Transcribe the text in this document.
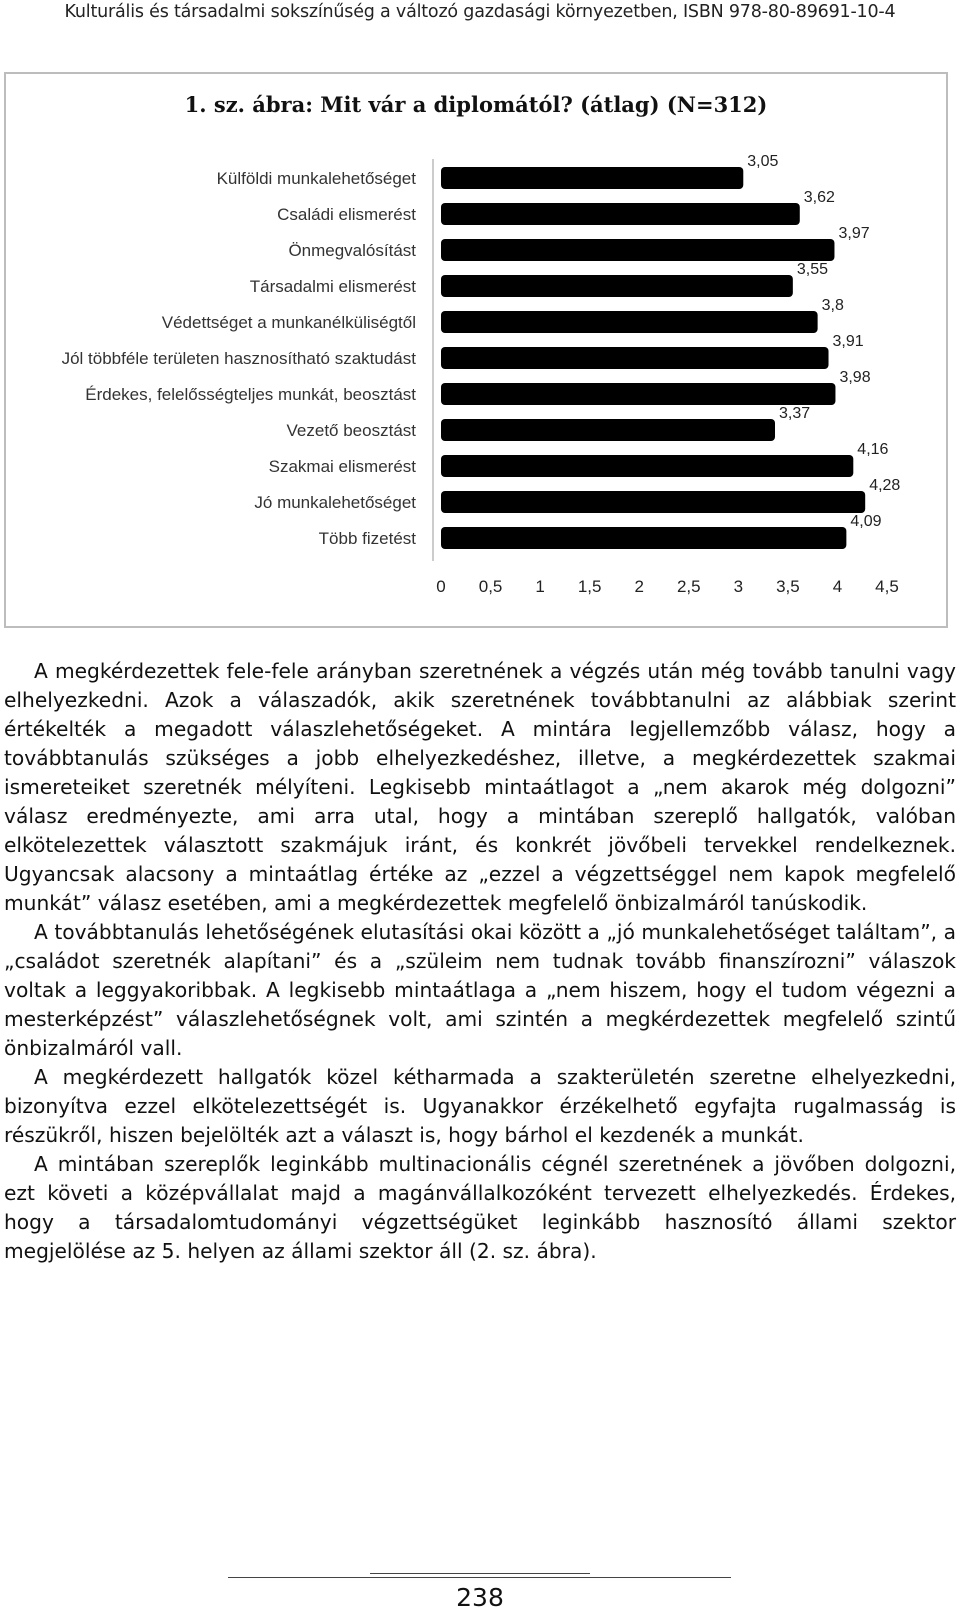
Kulturális és társadalmi sokszínűség a változó gazdasági környezetben, ISBN 978-80-89691-10-4
1. sz. ábra: Mit vár a diplomától? (átlag) (N=312)
Külföldi munkalehetőséget
3,05
Családi elismerést
3,62
Önmegvalósítást
3,97
Társadalmi elismerést
3,55
Védettséget a munkanélküliségtől
3,8
Jól többféle területen hasznosítható szaktudást
3,91
Érdekes, felelősségteljes munkát, beosztást
3,98
Vezető beosztást
3,37
Szakmai elismerést
4,16
Jó munkalehetőséget
4,28
Több fizetést
4,09
0 0,5 1 1,5 2 2,5 3 3,5 4 4,5

A megkérdezettek fele-fele arányban szeretnének a végzés után még tovább tanulni vagy elhelyezkedni. Azok a válaszadók, akik szeretnének továbbtanulni az alábbiak szerint értékelték a megadott válaszlehetőségeket. A mintára legjellemzőbb válasz, hogy a továbbtanulás szükséges a jobb elhelyezkedéshez, illetve, a megkérdezettek szakmai ismereteiket szeretnék mélyíteni. Legkisebb mintaátlagot a „nem akarok még dolgozni” válasz eredményezte, ami arra utal, hogy a mintában szereplő hallgatók, valóban elkötelezettek választott szakmájuk iránt, és konkrét jövőbeli tervekkel rendelkeznek. Ugyancsak alacsony a mintaátlag értéke az „ezzel a végzettséggel nem kapok megfelelő munkát” válasz esetében, ami a megkérdezettek megfelelő önbizalmáról tanúskodik.

A továbbtanulás lehetőségének elutasítási okai között a „jó munkalehetőséget találtam”, a „családot szeretnék alapítani” és a „szüleim nem tudnak tovább finanszírozni” válaszok voltak a leggyakoribbak. A legkisebb mintaátlaga a „nem hiszem, hogy el tudom végezni a mesterképzést” válaszlehetőségnek volt, ami szintén a megkérdezettek megfelelő szintű önbizalmáról vall.

A megkérdezett hallgatók közel kétharmada a szakterületén szeretne elhelyezkedni, bizonyítva ezzel elkötelezettségét is. Ugyanakkor érzékelhető egyfajta rugalmasság is részükről, hiszen bejelölték azt a választ is, hogy bárhol el kezdenék a munkát.

A mintában szereplők leginkább multinacionális cégnél szeretnének a jövőben dolgozni, ezt követi a középvállalat majd a magánvállalkozóként tervezett elhelyezkedés. Érdekes, hogy a társadalomtudományi végzettségüket leginkább hasznosító állami szektor megjelölése az 5. helyen az állami szektor áll (2. sz. ábra).

238
